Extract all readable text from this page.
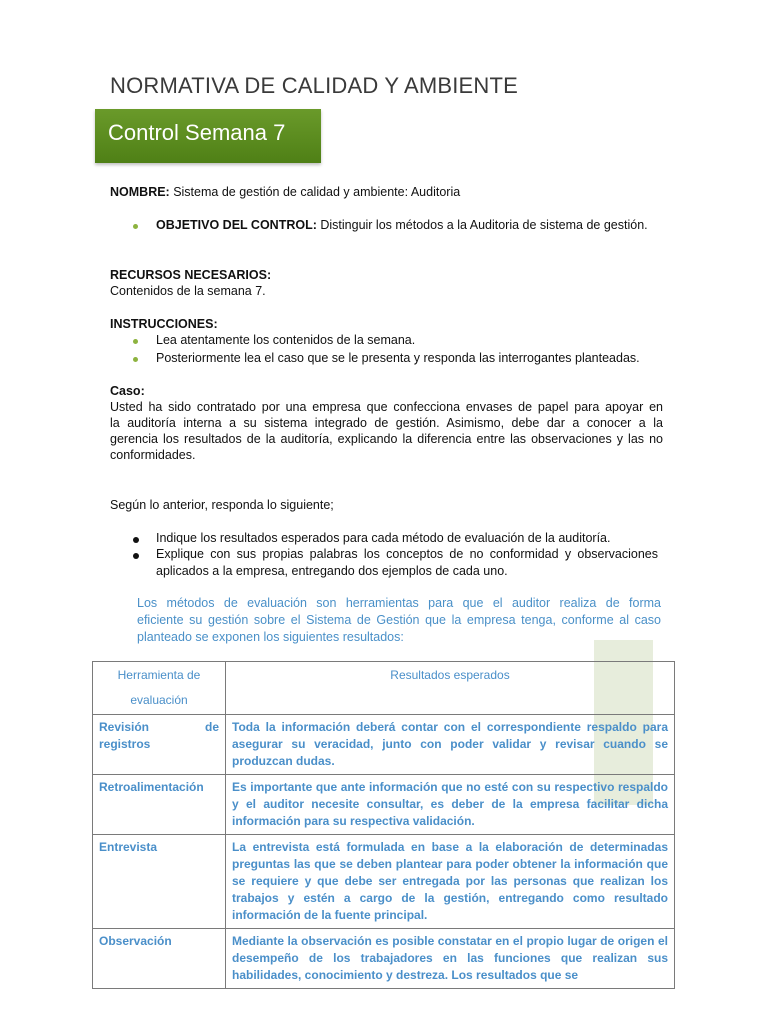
NORMATIVA DE CALIDAD Y AMBIENTE
Control Semana 7
NOMBRE: Sistema de gestión de calidad y ambiente: Auditoria
OBJETIVO DEL CONTROL: Distinguir los métodos a la Auditoria de sistema de gestión.
RECURSOS NECESARIOS:
Contenidos de la semana 7.
INSTRUCCIONES:
Lea atentamente los contenidos de la semana.
Posteriormente lea el caso que se le presenta y responda las interrogantes planteadas.
Caso:
Usted ha sido contratado por una empresa que confecciona envases de papel para apoyar en
la auditoría interna a su sistema integrado de gestión. Asimismo, debe dar a conocer a la
gerencia los resultados de la auditoría, explicando la diferencia entre las observaciones y las no
conformidades.
Según lo anterior, responda lo siguiente;
Indique los resultados esperados para cada método de evaluación de la auditoría.
Explique con sus propias palabras los conceptos de no conformidad y observaciones
aplicados a la empresa, entregando dos ejemplos de cada uno.
Los métodos de evaluación son herramientas para que el auditor realiza de forma
eficiente su gestión sobre el Sistema de Gestión que la empresa tenga, conforme al caso
planteado se exponen los siguientes resultados:
Herramienta de evaluación	Resultados esperados
Revisión de registros	Toda la información deberá contar con el correspondiente respaldo para asegurar su veracidad, junto con poder validar y revisar cuando se produzcan dudas.
Retroalimentación	Es importante que ante información que no esté con su respectivo respaldo y el auditor necesite consultar, es deber de la empresa facilitar dicha información para su respectiva validación.
Entrevista	La entrevista está formulada en base a la elaboración de determinadas preguntas las que se deben plantear para poder obtener la información que se requiere y que debe ser entregada por las personas que realizan los trabajos y estén a cargo de la gestión, entregando como resultado información de la fuente principal.
Observación	Mediante la observación es posible constatar en el propio lugar de origen el desempeño de los trabajadores en las funciones que realizan sus habilidades, conocimiento y destreza. Los resultados que se
